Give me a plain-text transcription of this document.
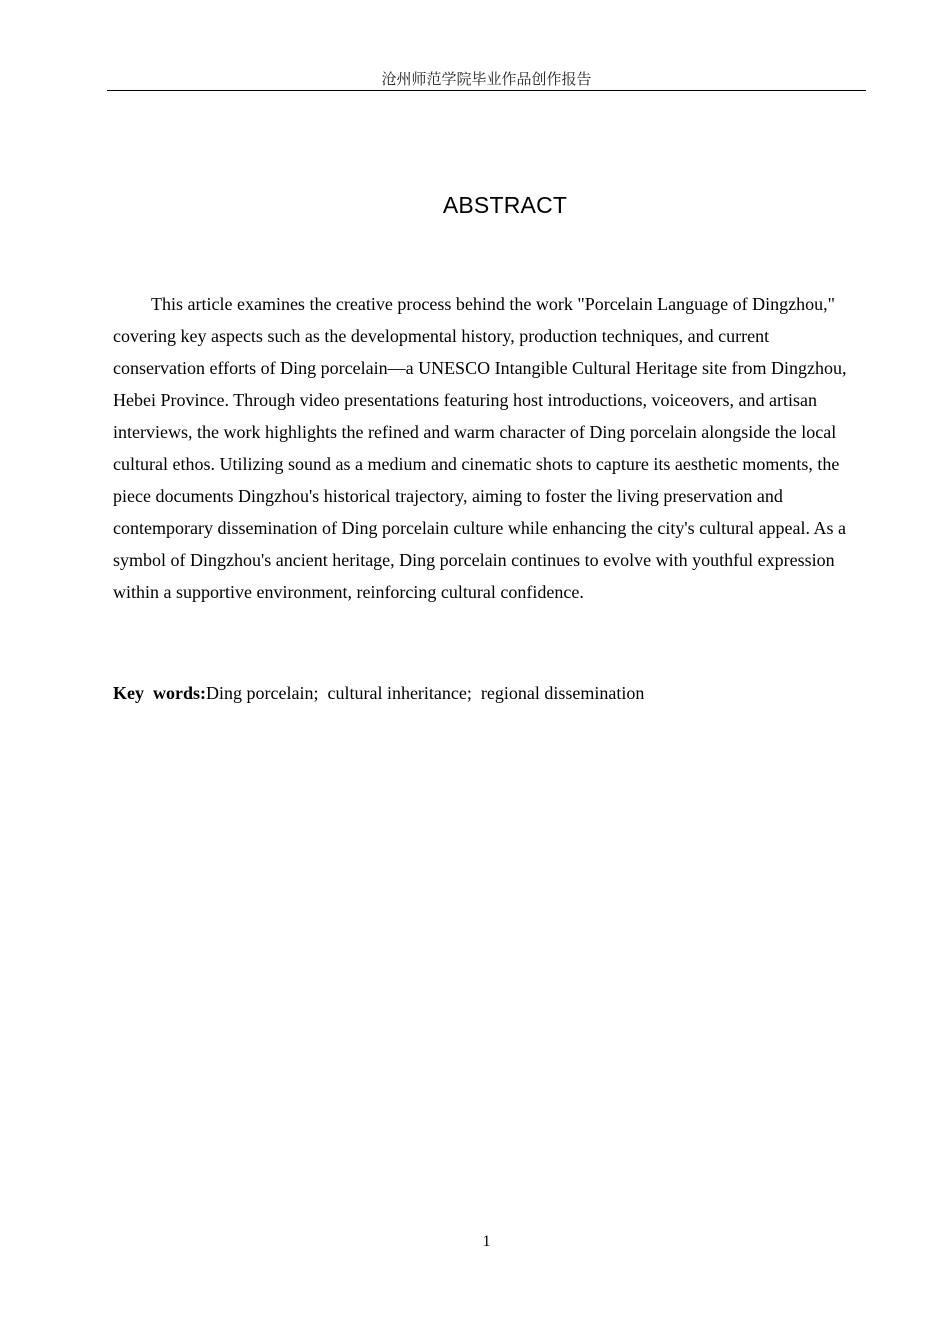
沧州师范学院毕业作品创作报告
ABSTRACT

This article examines the creative process behind the work "Porcelain Language of Dingzhou," covering key aspects such as the developmental history, production techniques, and current conservation efforts of Ding porcelain—a UNESCO Intangible Cultural Heritage site from Dingzhou, Hebei Province. Through video presentations featuring host introductions, voiceovers, and artisan interviews, the work highlights the refined and warm character of Ding porcelain alongside the local cultural ethos. Utilizing sound as a medium and cinematic shots to capture its aesthetic moments, the piece documents Dingzhou's historical trajectory, aiming to foster the living preservation and contemporary dissemination of Ding porcelain culture while enhancing the city's cultural appeal. As a symbol of Dingzhou's ancient heritage, Ding porcelain continues to evolve with youthful expression within a supportive environment, reinforcing cultural confidence.

Key  words:Ding porcelain;  cultural inheritance;  regional dissemination

1
